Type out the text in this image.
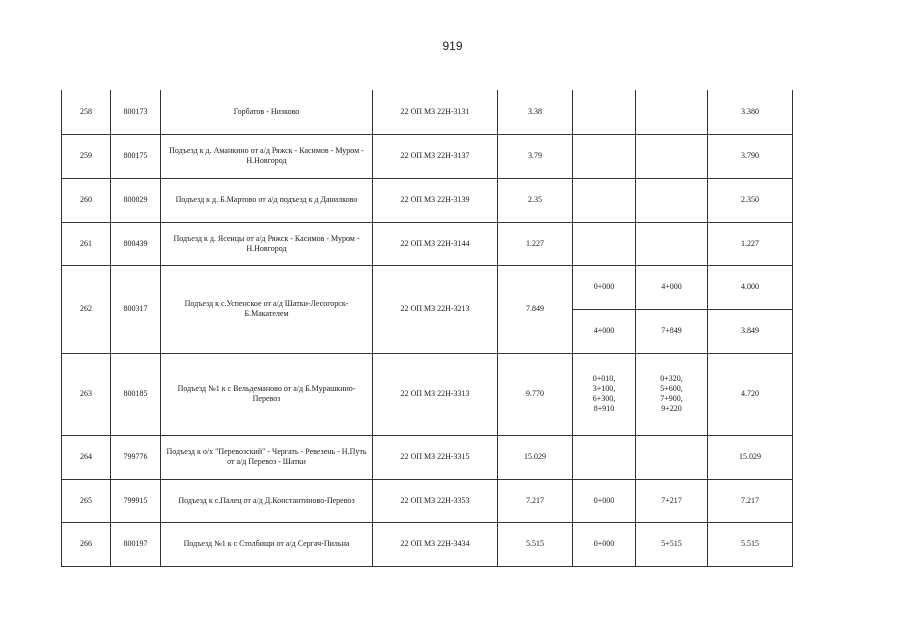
919
258	800173	Горбатов - Низково	22 ОП МЗ 22Н-3131	3.38			3.380
259	800175	Подъезд к д. Аманкино от а/д Ряжск - Касимов - Муром - Н.Новгород	22 ОП МЗ 22Н-3137	3.79			3.790
260	800029	Подъезд к д. Б.Мартово от а/д подъезд к д Данилково	22 ОП МЗ 22Н-3139	2.35			2.350
261	800439	Подъезд к д. Ясенцы от а/д Ряжск - Касимов - Муром - Н.Новгород	22 ОП МЗ 22Н-3144	1.227			1.227
262	800317	Подъезд к с.Успенское от а/д Шатки-Лесогорск-Б.Макателем	22 ОП МЗ 22Н-3213	7.849	0+000	4+000	4.000
					4+000	7+849	3.849
263	800185	Подъезд №1 к с Вельдеманово от а/д Б.Мурашкино-Перевоз	22 ОП МЗ 22Н-3313	9.770	0+010,
3+100,
6+300,
8+910	0+320,
5+600,
7+900,
9+220	4.720
264	799776	Подъезд к о/х "Перевозский" - Чергать - Ревезень - Н.Путь от а/д Перевоз - Шатки	22 ОП МЗ 22Н-3315	15.029			15.029
265	799915	Подъезд к с.Палец от а/д Д.Константиново-Перевоз	22 ОП МЗ 22Н-3353	7.217	0+000	7+217	7.217
266	800197	Подъезд №1 к с Столбищи от а/д Сергач-Пильна	22 ОП МЗ 22Н-3434	5.515	0+000	5+515	5.515
